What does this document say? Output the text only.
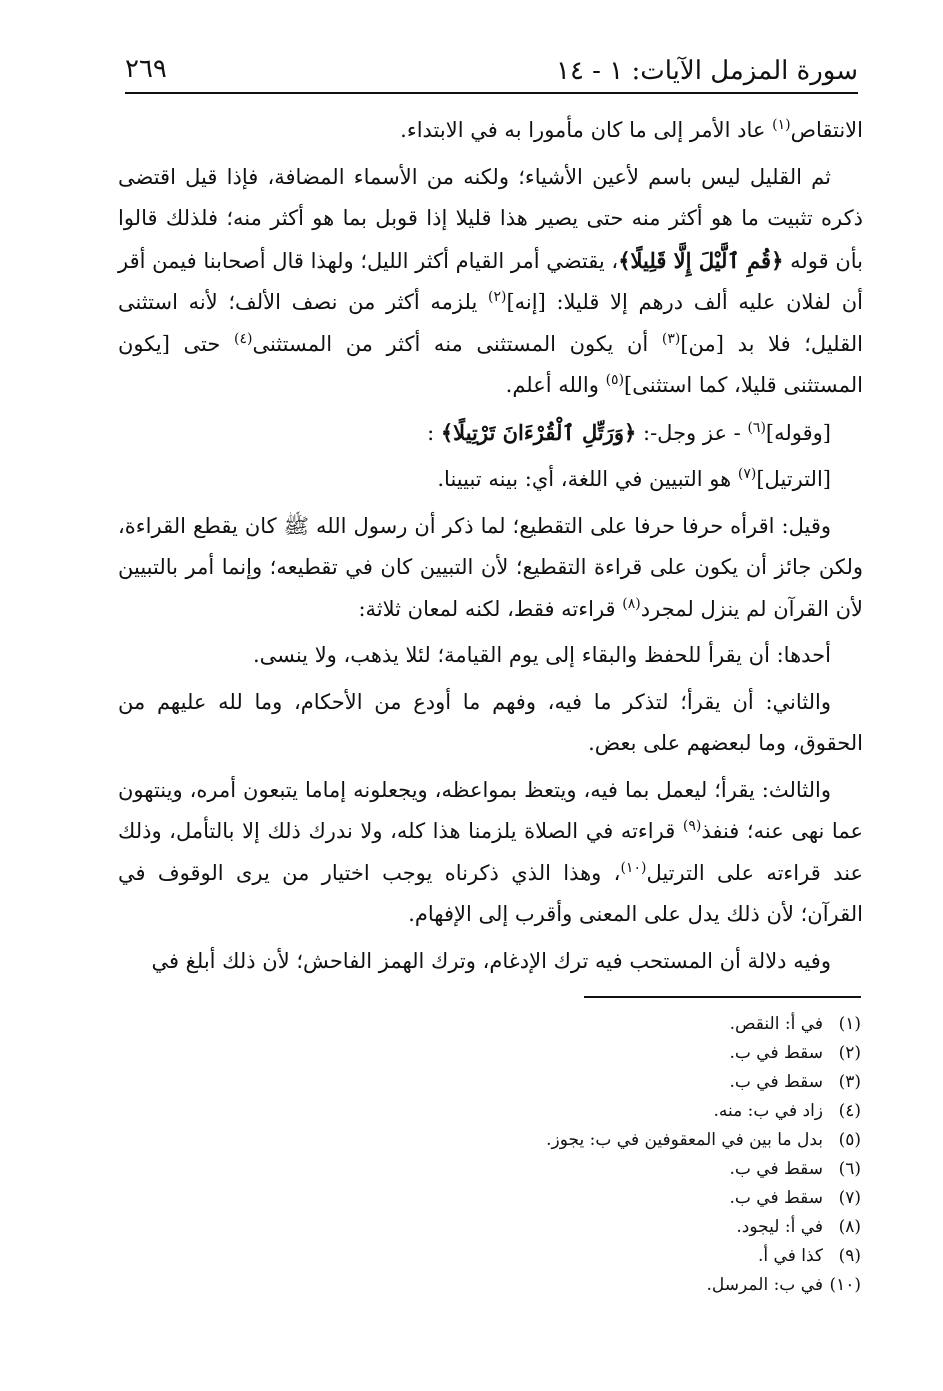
سورة المزمل الآيات: ١ - ١٤
٢٦٩

الانتقاص$^{(١)}$ عاد الأمر إلى ما كان مأمورا به في الابتداء.

ثم القليل ليس باسم لأعين الأشياء؛ ولكنه من الأسماء المضافة، فإذا قيل اقتضى ذكره تثبيت ما هو أكثر منه حتى يصير هذا قليلا إذا قوبل بما هو أكثر منه؛ فلذلك قالوا بأن قوله ﴿قُمِ ٱلَّيْلَ إِلَّا قَلِيلًا﴾، يقتضي أمر القيام أكثر الليل؛ ولهذا قال أصحابنا فيمن أقر أن لفلان عليه ألف درهم إلا قليلا: [إنه]$^{(٢)}$ يلزمه أكثر من نصف الألف؛ لأنه استثنى القليل؛ فلا بد [من]$^{(٣)}$ أن يكون المستثنى منه أكثر من المستثنى$^{(٤)}$ حتى [يكون المستثنى قليلا، كما استثنى]$^{(٥)}$ والله أعلم.

[وقوله]$^{(٦)}$ - عز وجل-: ﴿وَرَتِّلِ ٱلْقُرْءَانَ تَرْتِيلًا﴾ :

[الترتيل]$^{(٧)}$ هو التبيين في اللغة، أي: بينه تبيينا.

وقيل: اقرأه حرفا حرفا على التقطيع؛ لما ذكر أن رسول الله ﷺ كان يقطع القراءة، ولكن جائز أن يكون على قراءة التقطيع؛ لأن التبيين كان في تقطيعه؛ وإنما أمر بالتبيين لأن القرآن لم ينزل لمجرد$^{(٨)}$ قراءته فقط، لكنه لمعان ثلاثة:

أحدها: أن يقرأ للحفظ والبقاء إلى يوم القيامة؛ لئلا يذهب، ولا ينسى.

والثاني: أن يقرأ؛ لتذكر ما فيه، وفهم ما أودع من الأحكام، وما لله عليهم من الحقوق، وما لبعضهم على بعض.

والثالث: يقرأ؛ ليعمل بما فيه، ويتعظ بمواعظه، ويجعلونه إماما يتبعون أمره، وينتهون عما نهى عنه؛ فنفذ$^{(٩)}$ قراءته في الصلاة يلزمنا هذا كله، ولا ندرك ذلك إلا بالتأمل، وذلك عند قراءته على الترتيل$^{(١٠)}$، وهذا الذي ذكرناه يوجب اختيار من يرى الوقوف في القرآن؛ لأن ذلك يدل على المعنى وأقرب إلى الإفهام.

وفيه دلالة أن المستحب فيه ترك الإدغام، وترك الهمز الفاحش؛ لأن ذلك أبلغ في

(١)في أ: النقص.
(٢)سقط في ب.
(٣)سقط في ب.
(٤)زاد في ب: منه.
(٥)بدل ما بين في المعقوفين في ب: يجوز.
(٦)سقط في ب.
(٧)سقط في ب.
(٨)في أ: ليجود.
(٩)كذا في أ.
(١٠)في ب: المرسل.
